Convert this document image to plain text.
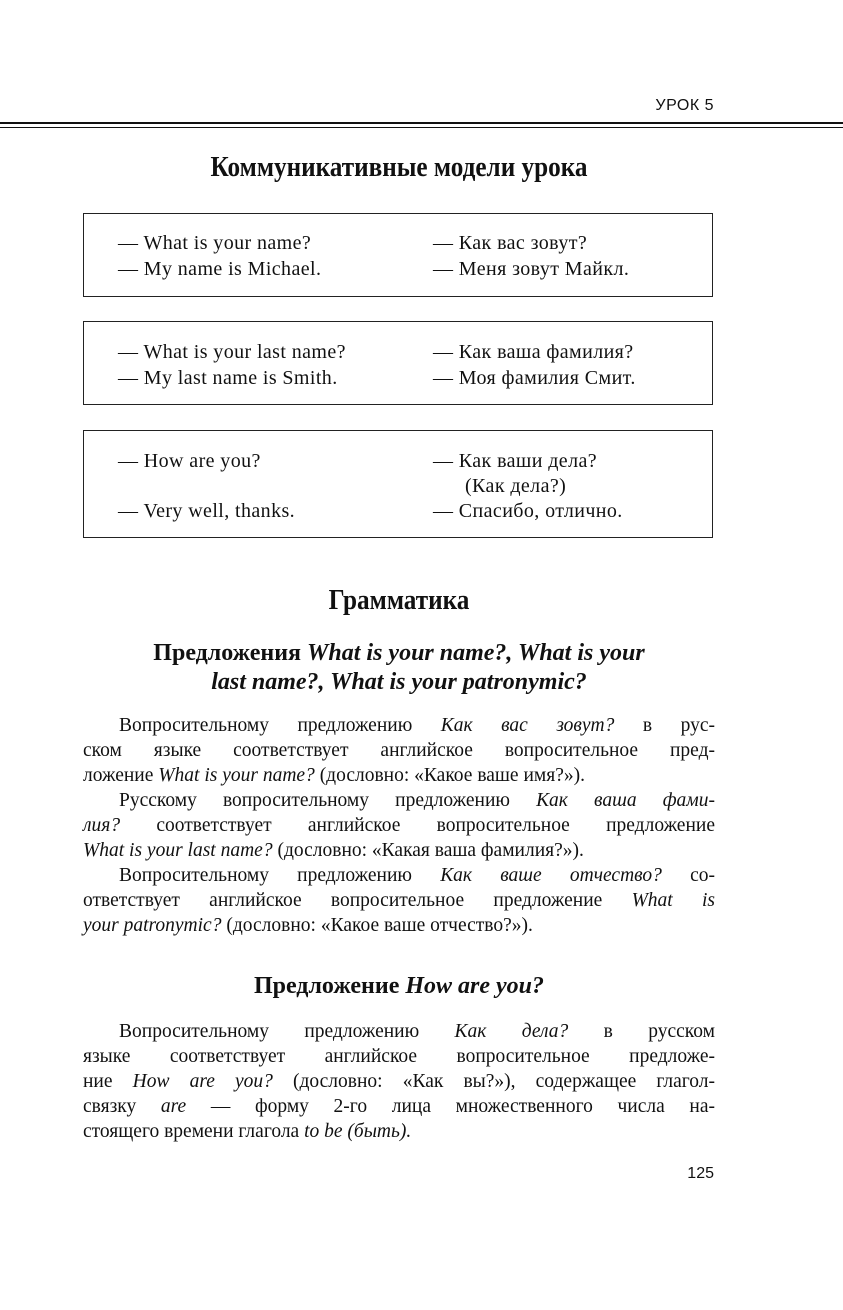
УРОК 5
Коммуникативные модели урока
— What is your name?
— My name is Michael.
— Как вас зовут?
— Меня зовут Майкл.
— What is your last name?
— My last name is Smith.
— Как ваша фамилия?
— Моя фамилия Смит.
— How are you?
— Very well, thanks.
— Как ваши дела?
(Как дела?)
— Спасибо, отлично.
Грамматика
Предложения What is your name?, What is your
last name?, What is your patronymic?
Вопросительному предложению Как вас зовут? в рус-
ском языке соответствует английское вопросительное пред-
ложение What is your name? (дословно: «Какое ваше имя?»).
Русскому вопросительному предложению Как ваша фами-
лия? соответствует английское вопросительное предложение
What is your last name? (дословно: «Какая ваша фамилия?»).
Вопросительному предложению Как ваше отчество? со-
ответствует английское вопросительное предложение What is
your patronymic? (дословно: «Какое ваше отчество?»).
Предложение How are you?
Вопросительному предложению Как дела? в русском
языке соответствует английское вопросительное предложе-
ние How are you? (дословно: «Как вы?»), содержащее глагол-
связку are — форму 2-го лица множественного числа на-
стоящего времени глагола to be (быть).
125
